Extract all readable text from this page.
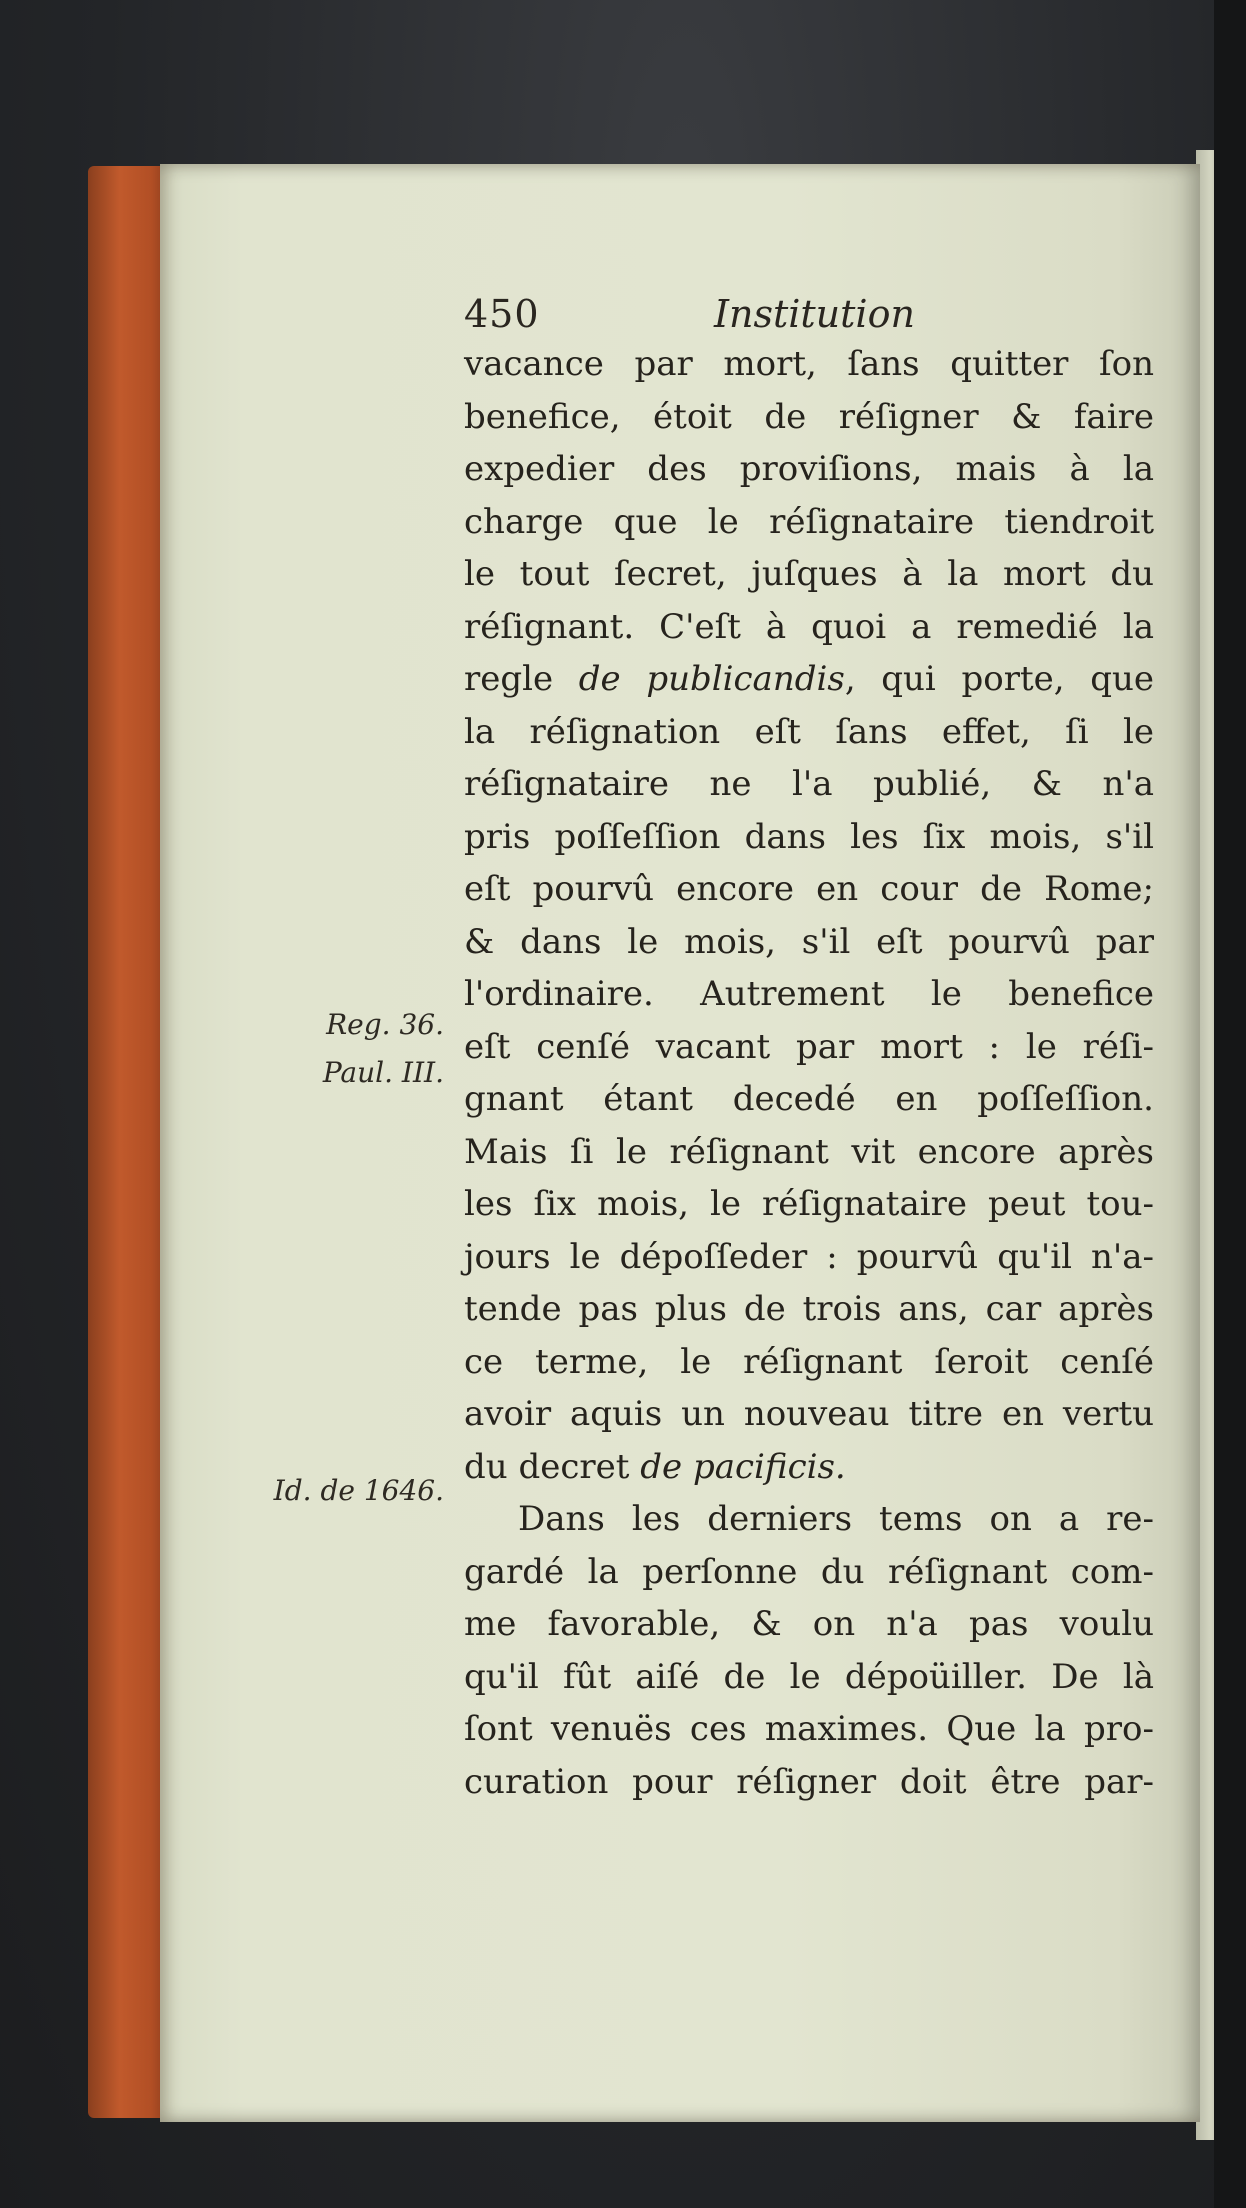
450	Institution
vacance par mort, ſans quitter ſon
benefice, étoit de réſigner & faire
expedier des proviſions, mais à la
charge que le réſignataire tiendroit
le tout ſecret, juſques à la mort du
réſignant. C'eſt à quoi a remedié la
regle de publicandis, qui porte, que
la réſignation eſt ſans effet, ſi le
réſignataire ne l'a publié, & n'a
pris poſſeſſion dans les ſix mois, s'il
eſt pourvû encore en cour de Rome;
& dans le mois, s'il eſt pourvû par
l'ordinaire. Autrement le benefice
eſt cenſé vacant par mort : le réſi-
gnant étant decedé en poſſeſſion.
Mais ſi le réſignant vit encore après
les ſix mois, le réſignataire peut tou-
jours le dépoſſeder : pourvû qu'il n'a-
tende pas plus de trois ans, car après
ce terme, le réſignant ſeroit cenſé
avoir aquis un nouveau titre en vertu
du decret de pacificis.
Dans les derniers tems on a re-
gardé la perſonne du réſignant com-
me favorable, & on n'a pas voulu
qu'il fût aiſé de le dépoüiller. De là
ſont venuës ces maximes. Que la pro-
curation pour réſigner doit être par-
Reg. 36.
Paul. III.
Id. de 1646.
